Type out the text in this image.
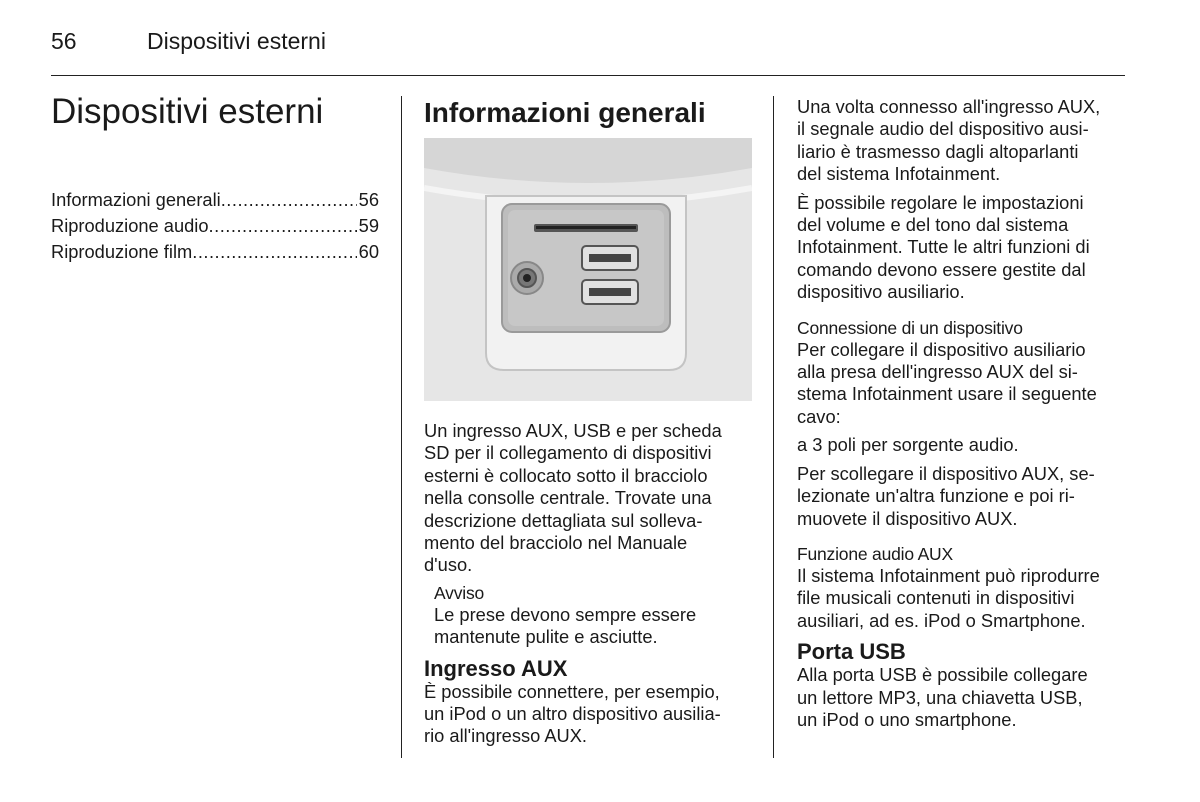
56	Dispositivi esterni
Dispositivi esterni
Informazioni generali .....	56
Riproduzione audio .....	59
Riproduzione film .....	60
Informazioni generali

Un ingresso AUX, USB e per scheda
SD per il collegamento di dispositivi
esterni è collocato sotto il bracciolo
nella consolle centrale. Trovate una
descrizione dettagliata sul solleva-
mento del bracciolo nel Manuale
d'uso.

Avviso

Le prese devono sempre essere
mantenute pulite e asciutte.

Ingresso AUX

È possibile connettere, per esempio,
un iPod o un altro dispositivo ausilia-
rio all'ingresso AUX.

Una volta connesso all'ingresso AUX,
il segnale audio del dispositivo ausi-
liario è trasmesso dagli altoparlanti
del sistema Infotainment.

È possibile regolare le impostazioni
del volume e del tono dal sistema
Infotainment. Tutte le altri funzioni di
comando devono essere gestite dal
dispositivo ausiliario.

Connessione di un dispositivo

Per collegare il dispositivo ausiliario
alla presa dell'ingresso AUX del si-
stema Infotainment usare il seguente
cavo:

a 3 poli per sorgente audio.

Per scollegare il dispositivo AUX, se-
lezionate un'altra funzione e poi ri-
muovete il dispositivo AUX.

Funzione audio AUX

Il sistema Infotainment può riprodurre
file musicali contenuti in dispositivi
ausiliari, ad es. iPod o Smartphone.

Porta USB

Alla porta USB è possibile collegare
un lettore MP3, una chiavetta USB,
un iPod o uno smartphone.
